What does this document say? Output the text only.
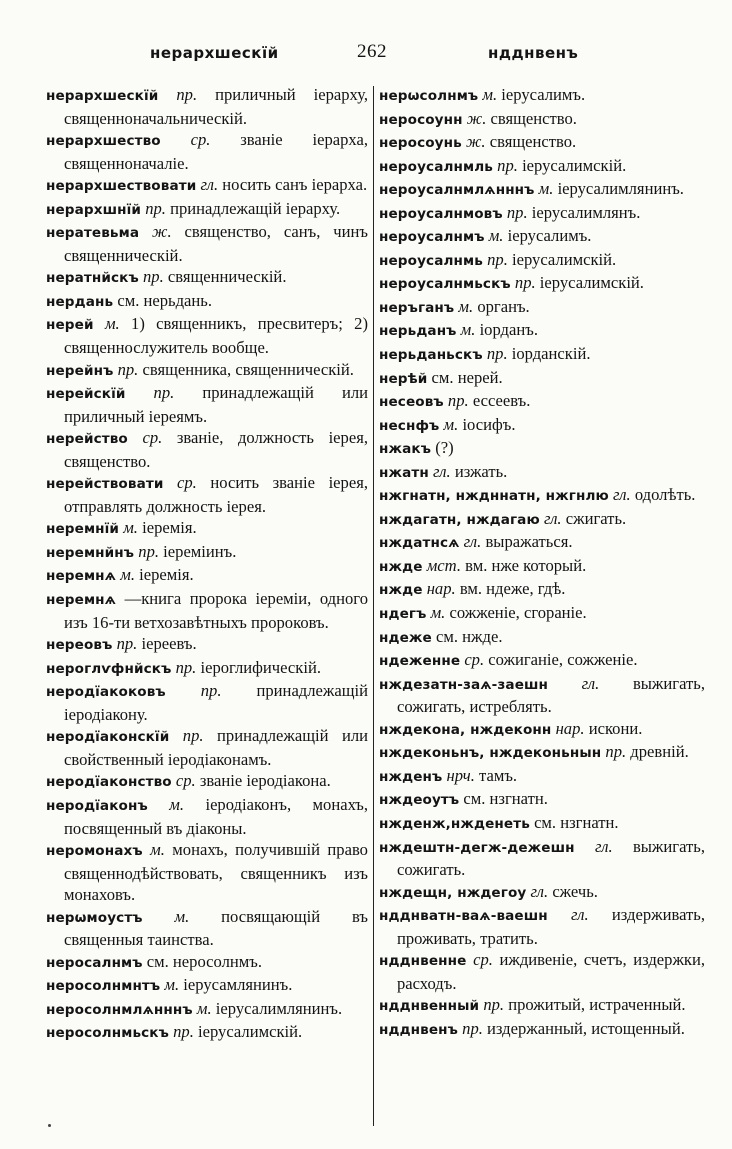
нерархшескїй	262	ндднвенъ
нерархшескїй пр. приличный іерарху, священноначальническій.
нерархшество ср. званіе іерарха, священноначаліе.
нерархшествовати гл. носить санъ іерарха.
нерархшнїй пр. принадлежащій іерарху.
нератевьма ж. священство, санъ, чинъ священническій.
нератнйскъ пр. священническій.
нердань см. нерьдань.
нерей м. 1) священникъ, пресвитеръ; 2) священнослужитель вообще.
нерейнъ пр. священника, священническій.
нерейскїй пр. принадлежащій или приличный іереямъ.
нерейство ср. званіе, должность іерея, священство.
нерействовати ср. носить званіе іерея, отправлять должность іерея.
неремнїй м. іеремія.
неремнйнъ пр. іереміинъ.
неремнѧ м. іеремія.
неремнѧ —книга пророка іереміи, одного изъ 16-ти ветхозавѣтныхъ пророковъ.
нереовъ пр. іереевъ.
нероглѵфнйскъ пр. іероглифическій.
неродїакоковъ пр. принадлежащій іеродіакону.
неродїаконскїй пр. принадлежащій или свойственный іеродіаконамъ.
неродїаконство ср. званіе іеродіакона.
неродїаконъ м. іеродіаконъ, монахъ, посвященный въ діаконы.
неромонахъ м. монахъ, получившій право священнодѣйствовать, священникъ изъ монаховъ.
нерωмоустъ м. посвящающій въ священныя таинства.
неросалнмъ см. неросолнмъ.
неросолнмнтъ м. іерусамлянинъ.
неросолнмлѧнннъ м. іерусалимлянинъ.
неросолнмьскъ пр. іерусалимскій.
нерωсолнмъ м. іерусалимъ.
неросоунн ж. священство.
неросоунь ж. священство.
нероусалнмль пр. іерусалимскій.
нероусалнмлѧнннъ м. іерусалимлянинъ.
нероусалнмовъ пр. іерусалимлянъ.
нероусалнмъ м. іерусалимъ.
нероусалнмь пр. іерусалимскій.
нероусалнмьскъ пр. іерусалимскій.
неръганъ м. органъ.
нерьданъ м. іорданъ.
нерьданьскъ пр. іорданскій.
нерѣй см. нерей.
несеовъ пр. ессеевъ.
неснфъ м. іосифъ.
нжакъ (?)
нжатн гл. изжать.
нжгнатн, нждннатн, нжгнлю гл. одолѣть.
нждагатн, нждагаю гл. сжигать.
нждатнсѧ гл. выражаться.
нжде мст. вм. нже который.
нжде нар. вм. ндеже, гдѣ.
ндегъ м. сожженіе, сгораніе.
ндеже см. нжде.
ндеженне ср. сожиганіе, сожженіе.
нждезатн-заѧ-заешн гл. выжигать, сожигать, истреблять.
нждекона, нждеконн нар. искони.
нждеконьнъ, нждеконьнын пр. древній.
нжденъ нрч. тамъ.
нждеоутъ см. нзгнатн.
нжденж,нжденеть см. нзгнатн.
нждештн-дегж-дежешн гл. выжигать, сожигать.
нждещн, нждегоу гл. сжечь.
ндднватн-ваѧ-ваешн гл. издерживать, проживать, тратить.
ндднвенне ср. иждивеніе, счетъ, издержки, расходъ.
ндднвенный пр. прожитый, истраченный.
ндднвенъ пр. издержанный, истощенный.
